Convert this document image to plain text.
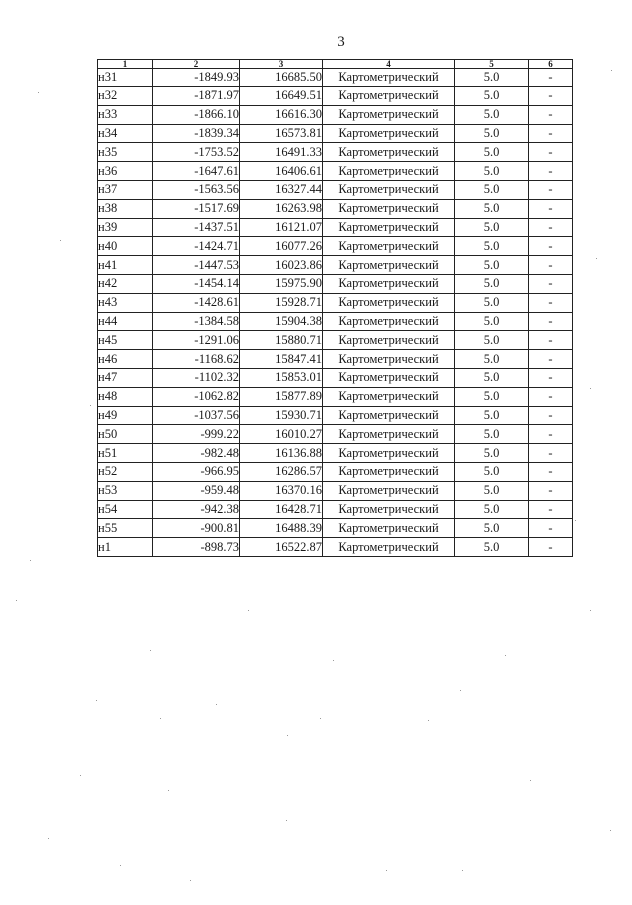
3
1	2	3	4	5	6
н31	-1849.93	16685.50	Картометрический	5.0	-
н32	-1871.97	16649.51	Картометрический	5.0	-
н33	-1866.10	16616.30	Картометрический	5.0	-
н34	-1839.34	16573.81	Картометрический	5.0	-
н35	-1753.52	16491.33	Картометрический	5.0	-
н36	-1647.61	16406.61	Картометрический	5.0	-
н37	-1563.56	16327.44	Картометрический	5.0	-
н38	-1517.69	16263.98	Картометрический	5.0	-
н39	-1437.51	16121.07	Картометрический	5.0	-
н40	-1424.71	16077.26	Картометрический	5.0	-
н41	-1447.53	16023.86	Картометрический	5.0	-
н42	-1454.14	15975.90	Картометрический	5.0	-
н43	-1428.61	15928.71	Картометрический	5.0	-
н44	-1384.58	15904.38	Картометрический	5.0	-
н45	-1291.06	15880.71	Картометрический	5.0	-
н46	-1168.62	15847.41	Картометрический	5.0	-
н47	-1102.32	15853.01	Картометрический	5.0	-
н48	-1062.82	15877.89	Картометрический	5.0	-
н49	-1037.56	15930.71	Картометрический	5.0	-
н50	-999.22	16010.27	Картометрический	5.0	-
н51	-982.48	16136.88	Картометрический	5.0	-
н52	-966.95	16286.57	Картометрический	5.0	-
н53	-959.48	16370.16	Картометрический	5.0	-
н54	-942.38	16428.71	Картометрический	5.0	-
н55	-900.81	16488.39	Картометрический	5.0	-
н1	-898.73	16522.87	Картометрический	5.0	-
